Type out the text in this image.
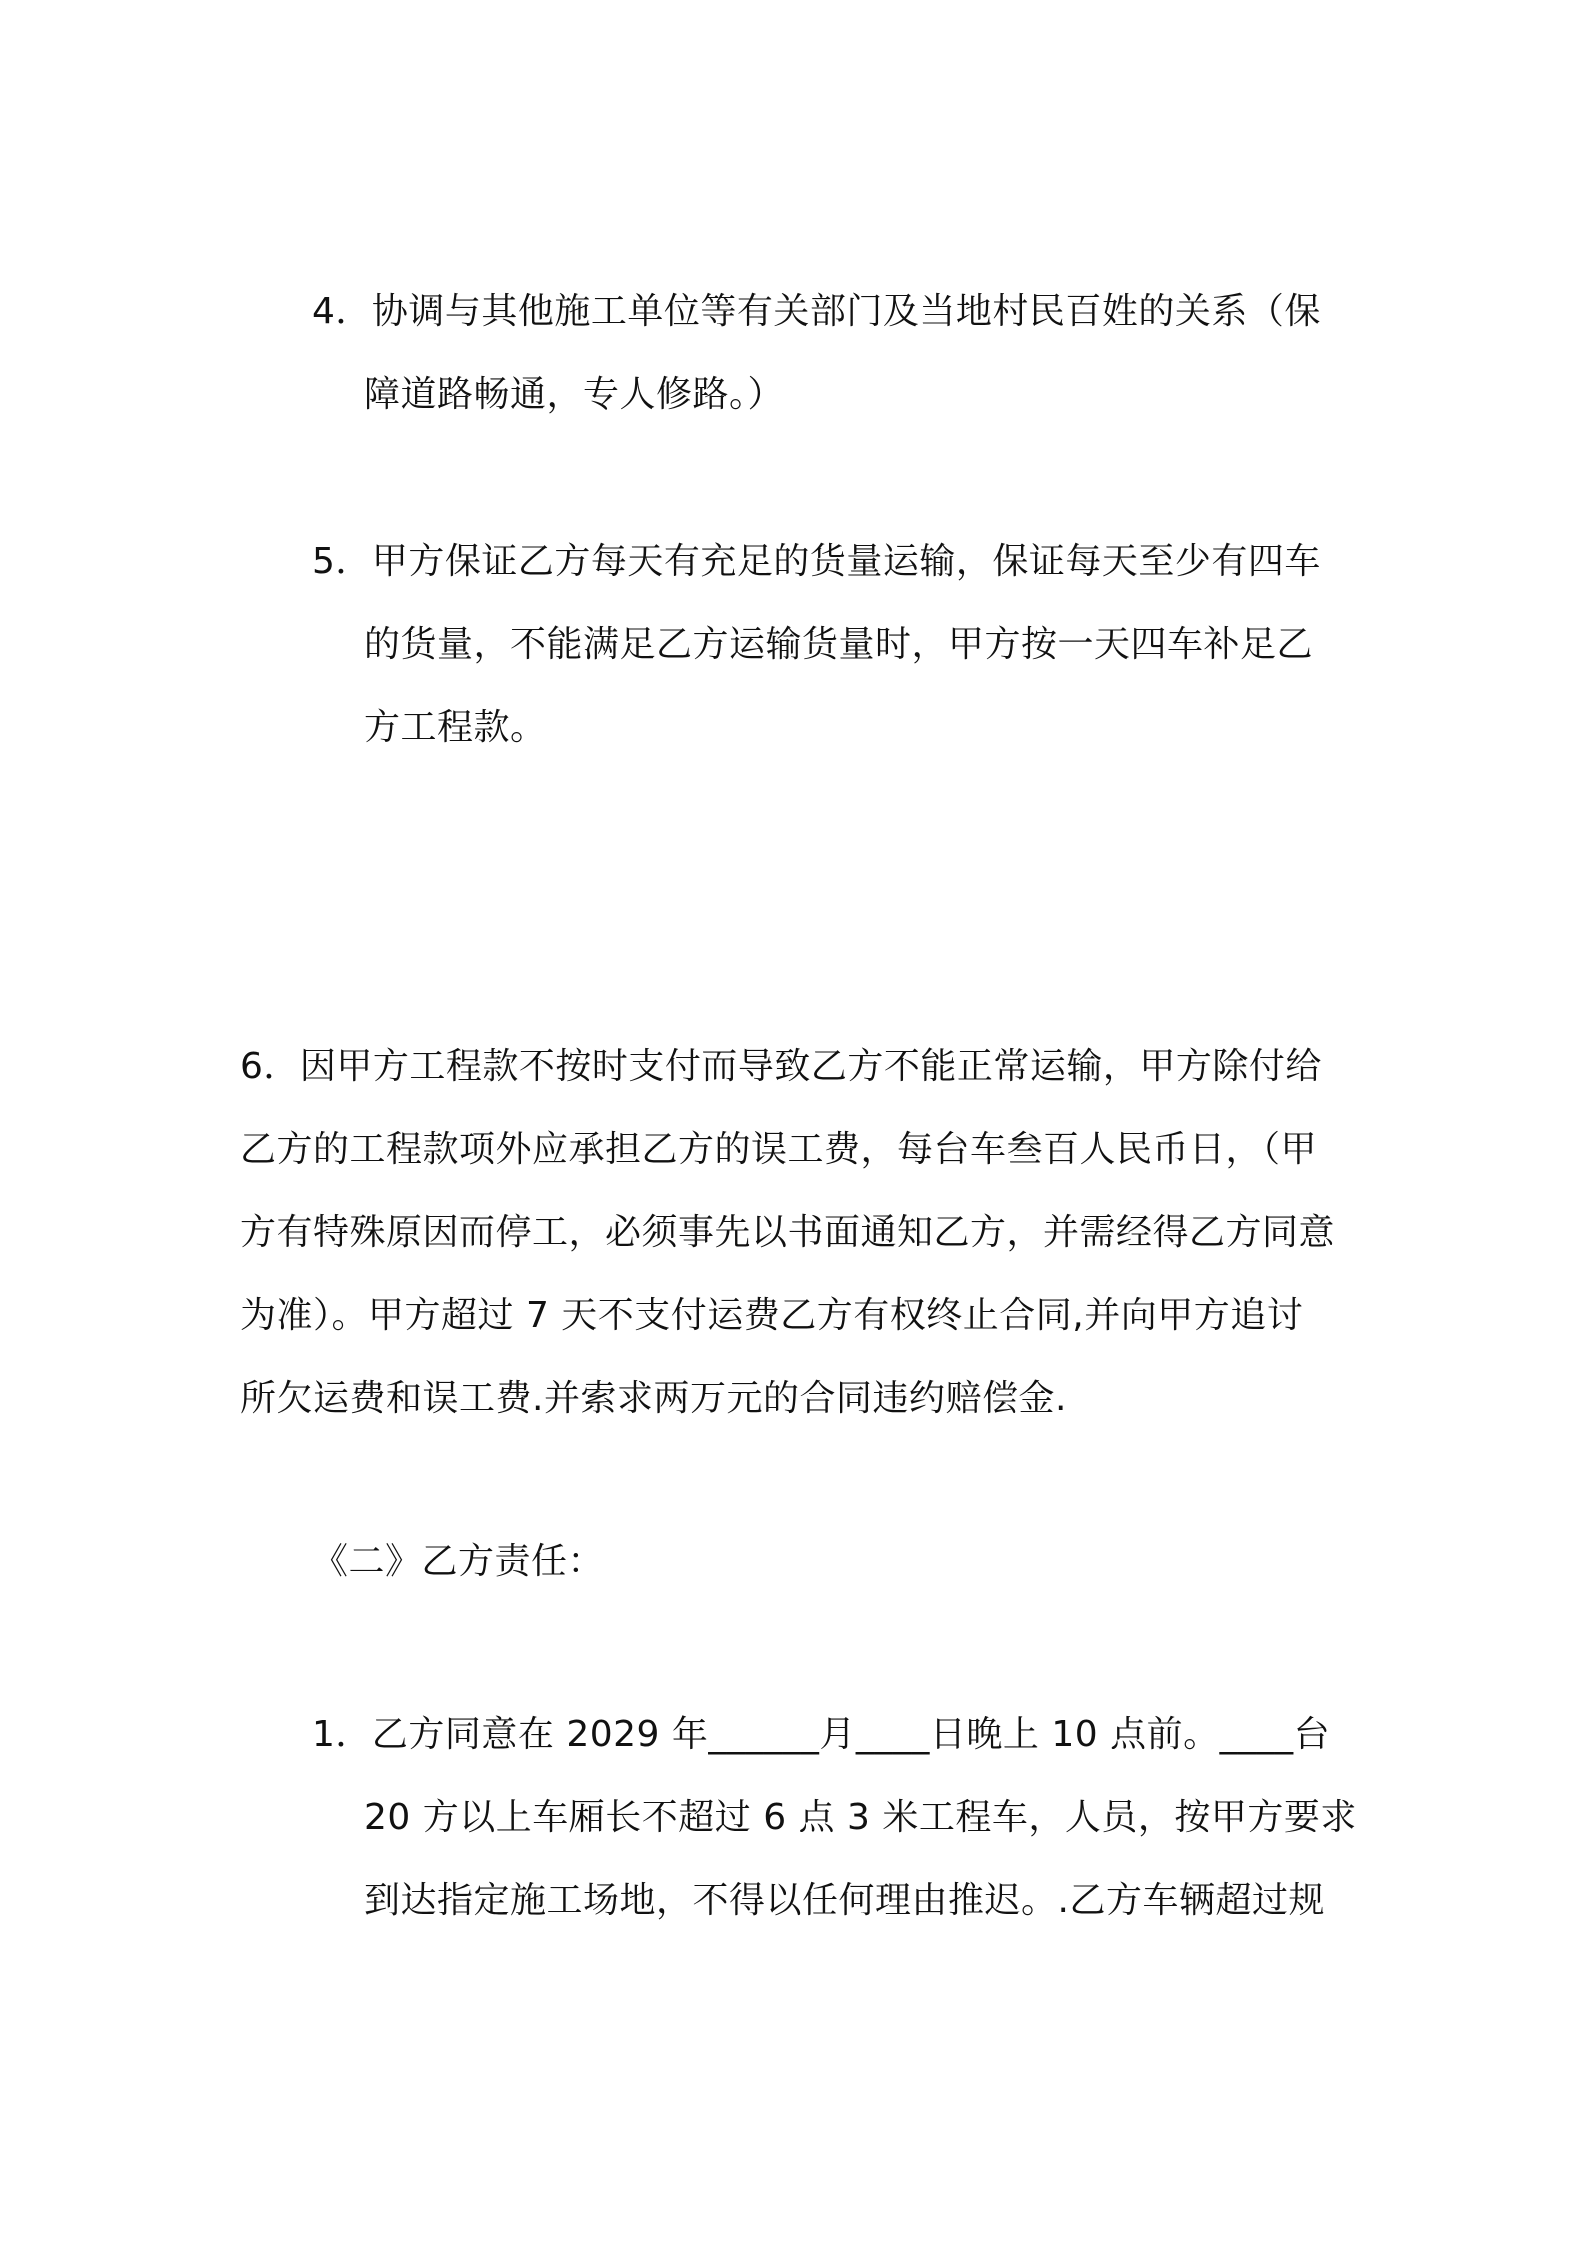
4．协调与其他施工单位等有关部门及当地村民百姓的关系（保
障道路畅通，专人修路。）
5．甲方保证乙方每天有充足的货量运输，保证每天至少有四车
的货量，不能满足乙方运输货量时，甲方按一天四车补足乙
方工程款。
6．因甲方工程款不按时支付而导致乙方不能正常运输，甲方除付给
乙方的工程款项外应承担乙方的误工费，每台车叁百人民币日，（甲
方有特殊原因而停工，必须事先以书面通知乙方，并需经得乙方同意
为准）。甲方超过 7 天不支付运费乙方有权终止合同,并向甲方追讨
所欠运费和误工费.并索求两万元的合同违约赔偿金.
《二》乙方责任：
1．乙方同意在 2029 年______月____日晚上 10 点前。____台
20 方以上车厢长不超过 6 点 3 米工程车，人员，按甲方要求
到达指定施工场地，不得以任何理由推迟。.乙方车辆超过规
